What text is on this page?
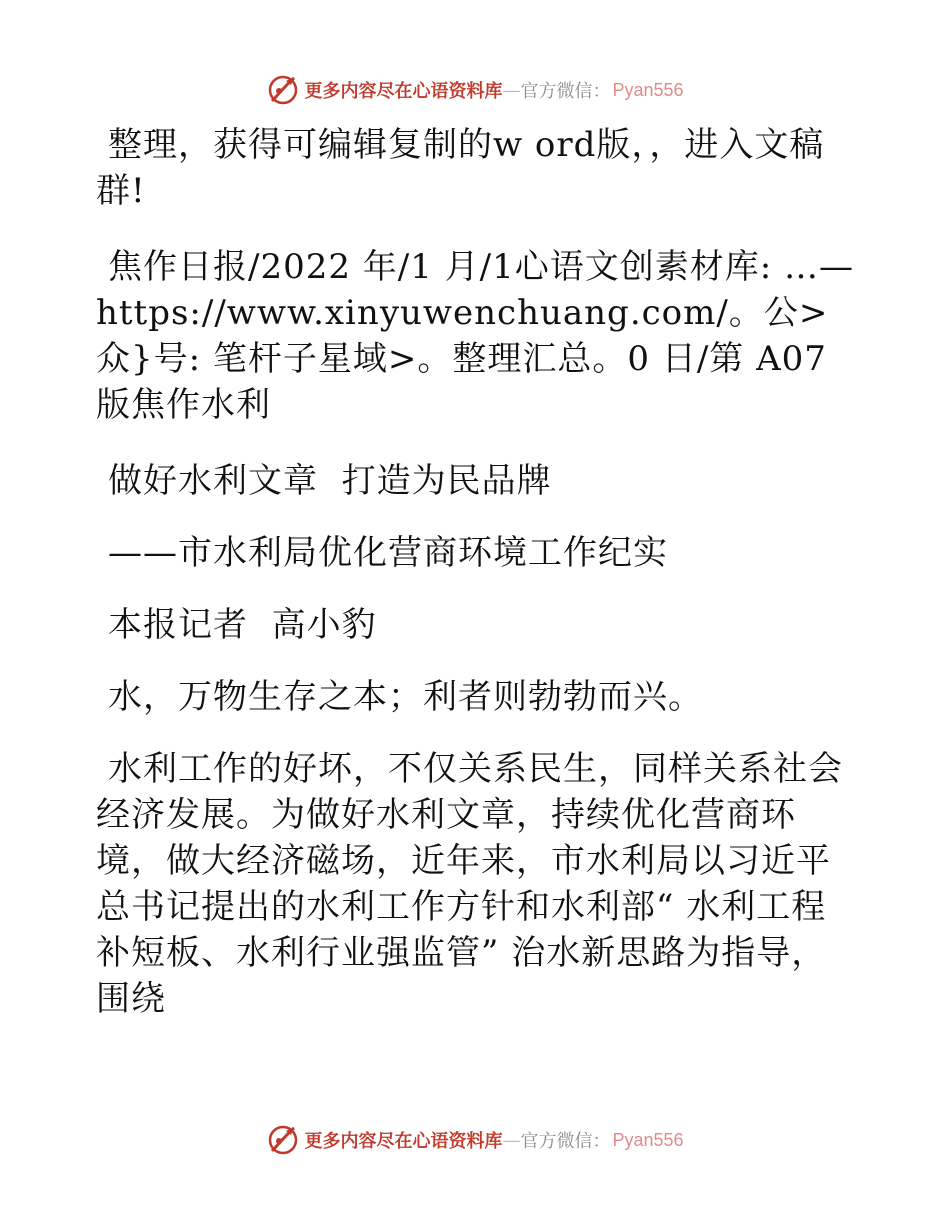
更多内容尽在心语资料库 — 官方微信： Pyan556

整理，获得可编辑复制的w ord版，，进入文稿群!

焦作日报/2022 年/1 月/1心语文创素材库: …—https://www.xinyuwenchuang.com/。公>众}号: 笔杆子星域>。整理汇总。0 日/第 A07 版焦作水利

做好水利文章  打造为民品牌

——市水利局优化营商环境工作纪实

本报记者  高小豹

水，万物生存之本；利者则勃勃而兴。

水利工作的好坏，不仅关系民生，同样关系社会经济发展。为做好水利文章，持续优化营商环境，做大经济磁场，近年来，市水利局以习近平总书记提出的水利工作方针和水利部“ 水利工程补短板、水利行业强监管” 治水新思路为指导，围绕

更多内容尽在心语资料库 — 官方微信： Pyan556
